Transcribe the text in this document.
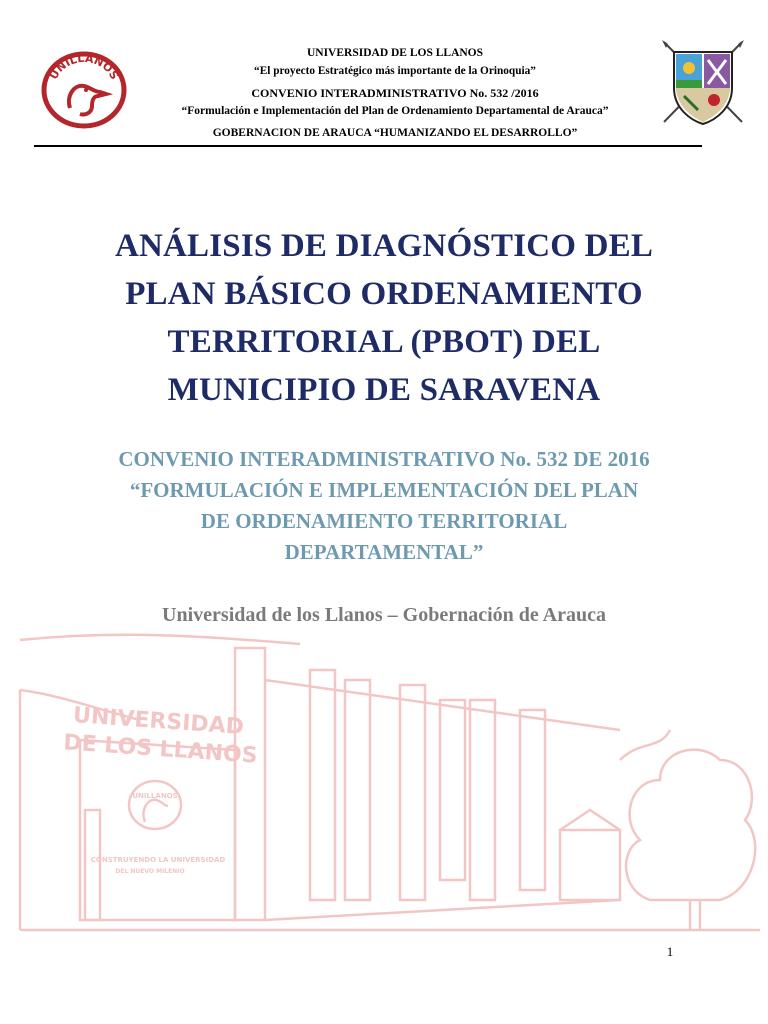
UNILLANOS
UNIVERSIDAD DE LOS LLANOS
“El proyecto Estratégico más importante de la Orinoquia”
CONVENIO INTERADMINISTRATIVO No. 532 /2016
“Formulación e Implementación del Plan de Ordenamiento Departamental de Arauca”
GOBERNACION DE ARAUCA “HUMANIZANDO EL DESARROLLO”
UNIVERSIDAD
DE LOS LLANOS
UNILLANOS
CONSTRUYENDO LA UNIVERSIDAD
DEL NUEVO MILENIO
ANÁLISIS DE DIAGNÓSTICO DEL
PLAN BÁSICO ORDENAMIENTO
TERRITORIAL (PBOT) DEL
MUNICIPIO DE SARAVENA
CONVENIO INTERADMINISTRATIVO No. 532 DE 2016
“FORMULACIÓN E IMPLEMENTACIÓN DEL PLAN
DE ORDENAMIENTO TERRITORIAL
DEPARTAMENTAL”
Universidad de los Llanos – Gobernación de Arauca
1
